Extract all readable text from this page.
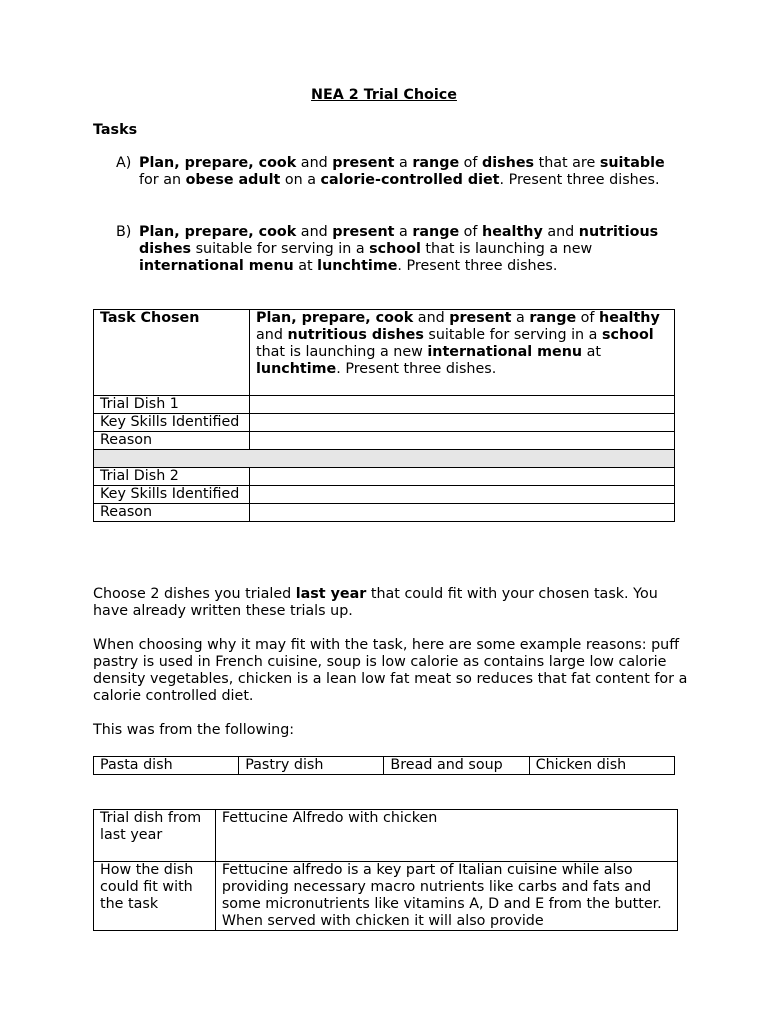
NEA 2 Trial Choice
Tasks
A) Plan, prepare, cook and present a range of dishes that are suitable for an obese adult on a calorie-controlled diet. Present three dishes.
B) Plan, prepare, cook and present a range of healthy and nutritious dishes suitable for serving in a school that is launching a new international menu at lunchtime. Present three dishes.
Task Chosen	Plan, prepare, cook and present a range of healthy and nutritious dishes suitable for serving in a school that is launching a new international menu at lunchtime. Present three dishes.
Trial Dish 1	
Key Skills Identified	
Reason	

Trial Dish 2	
Key Skills Identified	
Reason	
Choose 2 dishes you trialed last year that could fit with your chosen task. You have already written these trials up.
When choosing why it may fit with the task, here are some example reasons: puff pastry is used in French cuisine, soup is low calorie as contains large low calorie density vegetables, chicken is a lean low fat meat so reduces that fat content for a calorie controlled diet.
This was from the following:
Pasta dish	Pastry dish	Bread and soup	Chicken dish
Trial dish from last year	Fettucine Alfredo with chicken

How the dish could fit with the task	Fettucine alfredo is a key part of Italian cuisine while also providing necessary macro nutrients like carbs and fats and some micronutrients like vitamins A, D and E from the butter. When served with chicken it will also provide
